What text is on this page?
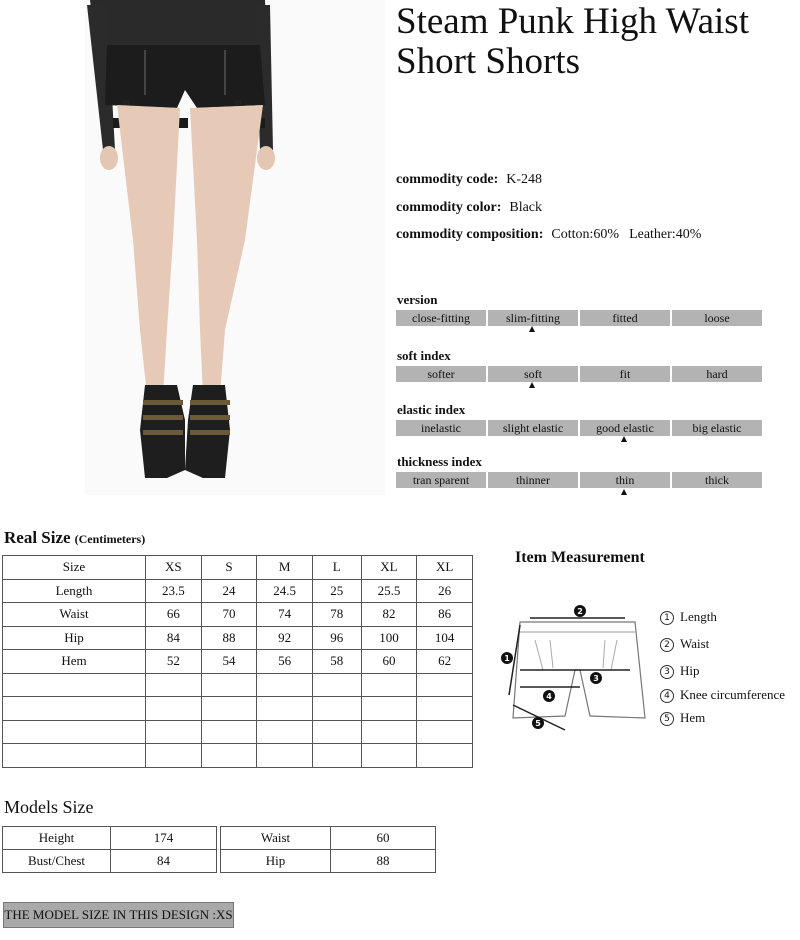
Steam Punk High Waist Short Shorts
commodity code: K-248
commodity color: Black
commodity composition: Cotton:60% Leather:40%
version
close-fitting	slim-fitting	fitted	loose
soft index
softer	soft	fit	hard
elastic index
inelastic	slight elastic	good elastic	big elastic
thickness index
tran sparent	thinner	thin	thick
Real Size (Centimeters)
Size	XS	S	M	L	XL	XL
Length	23.5	24	24.5	25	25.5	26
Waist	66	70	74	78	82	86
Hip	84	88	92	96	100	104
Hem	52	54	56	58	60	62

Item Measurement
2
1
3
4
5
1 Length
2 Waist
3 Hip
4 Knee circumference
5 Hem
Models Size
Height	174
Bust/Chest	84
Waist	60
Hip	88
THE MODEL SIZE IN THIS DESIGN :XS
